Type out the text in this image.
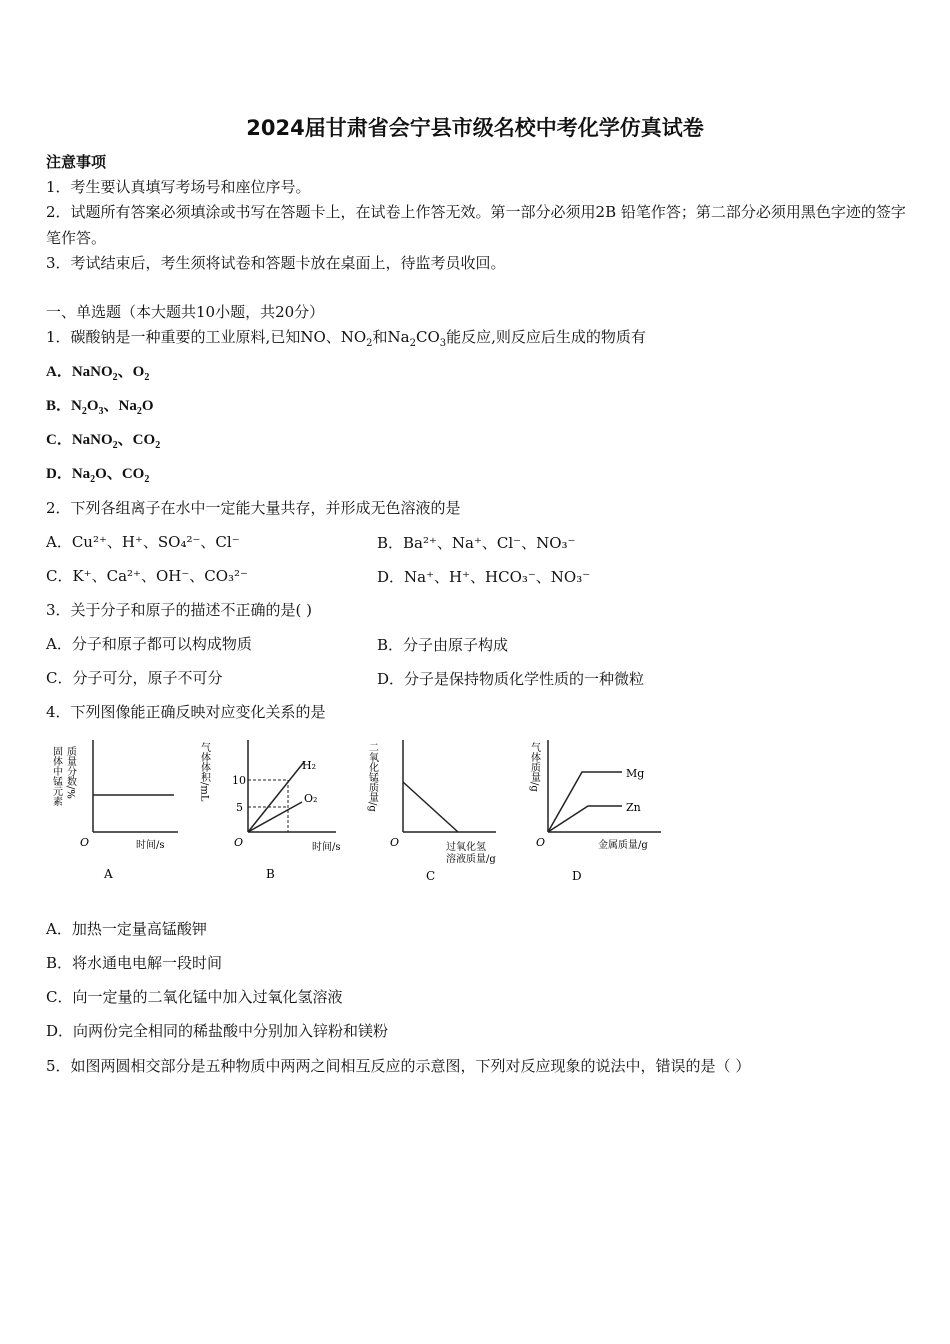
2024届甘肃省会宁县市级名校中考化学仿真试卷
注意事项
1．考生要认真填写考场号和座位序号。
2．试题所有答案必须填涂或书写在答题卡上，在试卷上作答无效。第一部分必须用2B 铅笔作答；第二部分必须用黑色字迹的签字笔作答。
3．考试结束后，考生须将试卷和答题卡放在桌面上，待监考员收回。
一、单选题（本大题共10小题，共20分）
1．碳酸钠是一种重要的工业原料,已知NO、$NO_2$和$Na_2CO_3$能反应,则反应后生成的物质有
A．NaNO$_2$、$O_2$
B．$N_2O_3$、$Na_2O$
C．NaNO$_2$、$CO_2$
D．$Na_2O$、$CO_2$
2．下列各组离子在水中一定能大量共存，并形成无色溶液的是
A．Cu²⁺、H⁺、SO₄²⁻、Cl⁻	B．Ba²⁺、Na⁺、Cl⁻、NO₃⁻
C．K⁺、Ca²⁺、OH⁻、CO₃²⁻	D．Na⁺、H⁺、HCO₃⁻、NO₃⁻
3．关于分子和原子的描述不正确的是( )
A．分子和原子都可以构成物质	B．分子由原子构成
C．分子可分，原子不可分	D．分子是保持物质化学性质的一种微粒
4．下列图像能正确反映对应变化关系的是
固体中锰元素 质量分数/%
O	时间/s
A
气体体积/mL 10
5
H₂
O₂
O	时间/s
B
二氧化锰质量/g
O	过氧化氢
溶液质量/g
C
气体质量/g	Mg
Zn
O	金属质量/g
D
A．加热一定量高锰酸钾
B．将水通电电解一段时间
C．向一定量的二氧化锰中加入过氧化氢溶液
D．向两份完全相同的稀盐酸中分别加入锌粉和镁粉
5．如图两圆相交部分是五种物质中两两之间相互反应的示意图，下列对反应现象的说法中，错误的是（ ）
